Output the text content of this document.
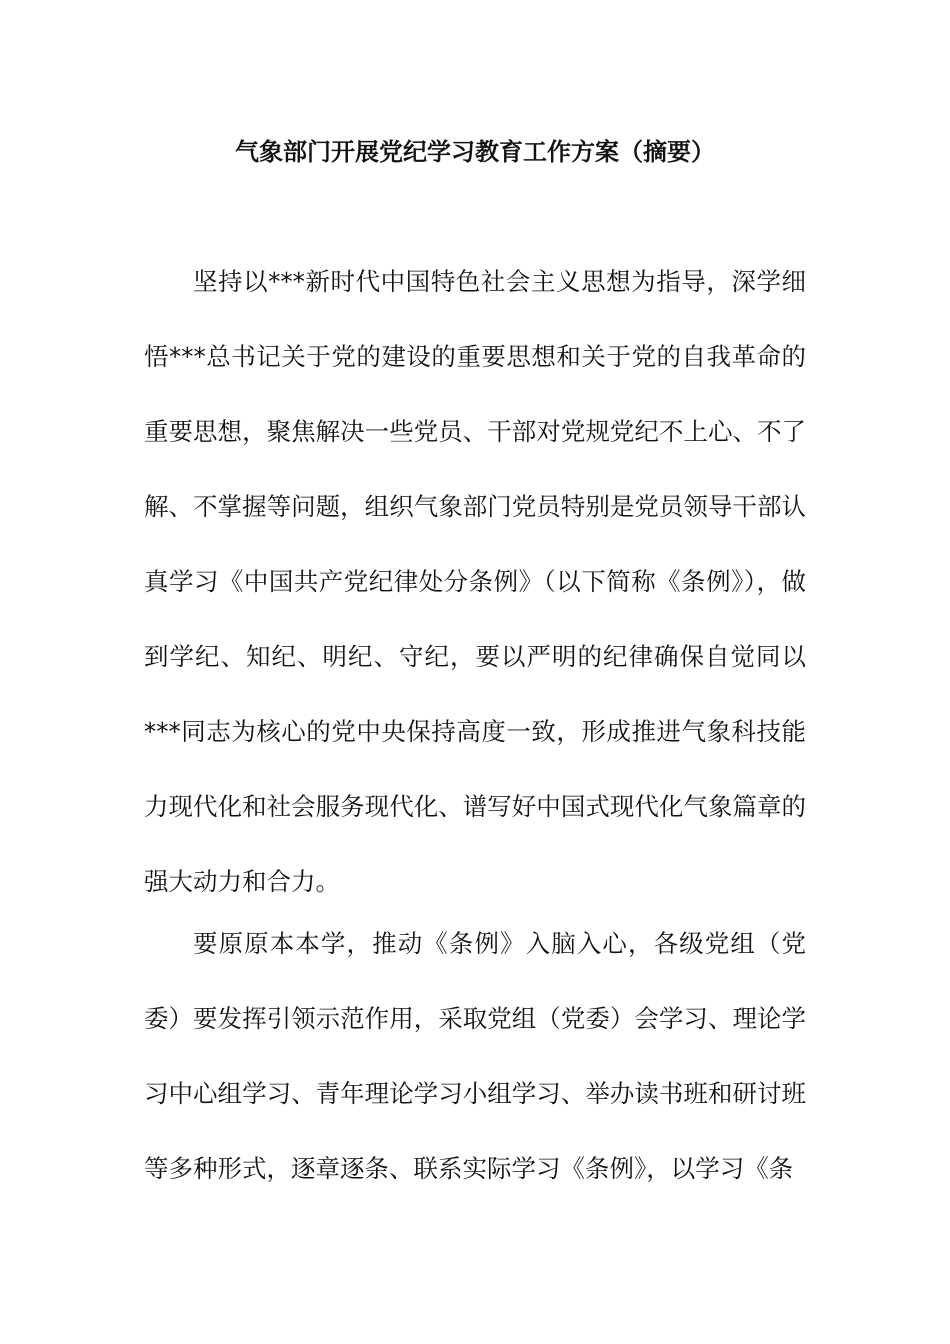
气象部门开展党纪学习教育工作方案（摘要）

坚持以***新时代中国特色社会主义思想为指导，深学细悟***总书记关于党的建设的重要思想和关于党的自我革命的重要思想，聚焦解决一些党员、干部对党规党纪不上心、不了解、不掌握等问题，组织气象部门党员特别是党员领导干部认真学习《中国共产党纪律处分条例》（以下简称《条例》），做到学纪、知纪、明纪、守纪，要以严明的纪律确保自觉同以***同志为核心的党中央保持高度一致，形成推进气象科技能力现代化和社会服务现代化、谱写好中国式现代化气象篇章的强大动力和合力。

要原原本本学，推动《条例》入脑入心，各级党组（党委）要发挥引领示范作用，采取党组（党委）会学习、理论学习中心组学习、青年理论学习小组学习、举办读书班和研讨班等多种形式，逐章逐条、联系实际学习《条例》，以学习《条
